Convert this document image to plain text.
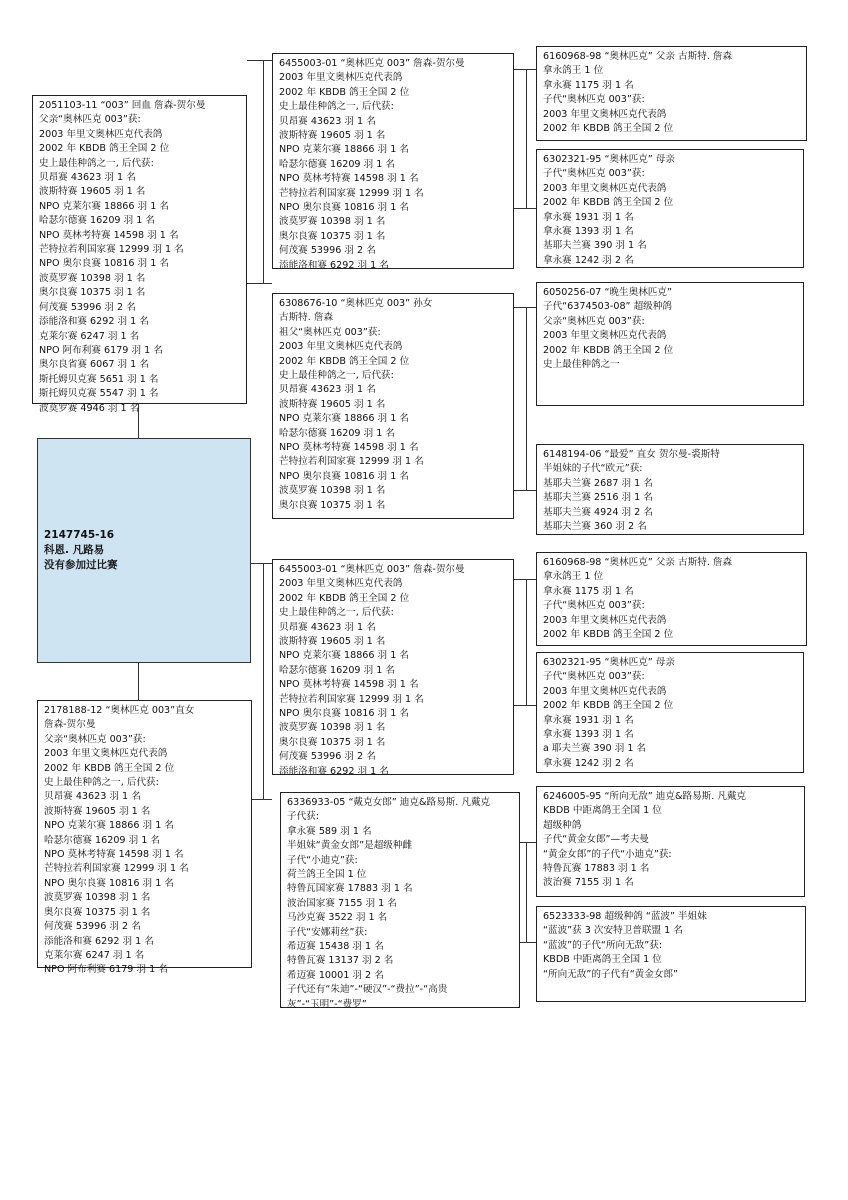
2147745-16
科恩. 凡路易
没有参加过比赛
2051103-11 “003” 回血 詹森-贺尔曼
父亲“奥林匹克 003”获:
2003 年里文奥林匹克代表鸽
2002 年 KBDB 鸽王全国 2 位
史上最佳种鸽之一, 后代获:
贝昂赛 43623 羽 1 名
波斯特赛 19605 羽 1 名
NPO 克莱尔赛 18866 羽 1 名
哈瑟尔德赛 16209 羽 1 名
NPO 莫林考特赛 14598 羽 1 名
芒特拉若利国家赛 12999 羽 1 名
NPO 奥尔良赛 10816 羽 1 名
波莫罗赛 10398 羽 1 名
奥尔良赛 10375 羽 1 名
何茂赛 53996 羽 2 名
添能洛和赛 6292 羽 1 名
克莱尔赛 6247 羽 1 名
NPO 阿布利赛 6179 羽 1 名
奥尔良省赛 6067 羽 1 名
斯托姆贝克赛 5651 羽 1 名
斯托姆贝克赛 5547 羽 1 名
波莫罗赛 4946 羽 1 名
2178188-12 “奥林匹克 003”直女
詹森-贺尔曼
父亲“奥林匹克 003”获:
2003 年里文奥林匹克代表鸽
2002 年 KBDB 鸽王全国 2 位
史上最佳种鸽之一, 后代获:
贝昂赛 43623 羽 1 名
波斯特赛 19605 羽 1 名
NPO 克莱尔赛 18866 羽 1 名
哈瑟尔德赛 16209 羽 1 名
NPO 莫林考特赛 14598 羽 1 名
芒特拉若利国家赛 12999 羽 1 名
NPO 奥尔良赛 10816 羽 1 名
波莫罗赛 10398 羽 1 名
奥尔良赛 10375 羽 1 名
何茂赛 53996 羽 2 名
添能洛和赛 6292 羽 1 名
克莱尔赛 6247 羽 1 名
NPO 阿布利赛 6179 羽 1 名
6455003-01 “奥林匹克 003” 詹森-贺尔曼
2003 年里文奥林匹克代表鸽
2002 年 KBDB 鸽王全国 2 位
史上最佳种鸽之一, 后代获:
贝昂赛 43623 羽 1 名
波斯特赛 19605 羽 1 名
NPO 克莱尔赛 18866 羽 1 名
哈瑟尔德赛 16209 羽 1 名
NPO 莫林考特赛 14598 羽 1 名
芒特拉若利国家赛 12999 羽 1 名
NPO 奥尔良赛 10816 羽 1 名
波莫罗赛 10398 羽 1 名
奥尔良赛 10375 羽 1 名
何茂赛 53996 羽 2 名
添能洛和赛 6292 羽 1 名
6308676-10 “奥林匹克 003” 孙女
古斯特. 詹森
祖父“奥林匹克 003”获:
2003 年里文奥林匹克代表鸽
2002 年 KBDB 鸽王全国 2 位
史上最佳种鸽之一, 后代获:
贝昂赛 43623 羽 1 名
波斯特赛 19605 羽 1 名
NPO 克莱尔赛 18866 羽 1 名
哈瑟尔德赛 16209 羽 1 名
NPO 莫林考特赛 14598 羽 1 名
芒特拉若利国家赛 12999 羽 1 名
NPO 奥尔良赛 10816 羽 1 名
波莫罗赛 10398 羽 1 名
奥尔良赛 10375 羽 1 名
6455003-01 “奥林匹克 003” 詹森-贺尔曼
2003 年里文奥林匹克代表鸽
2002 年 KBDB 鸽王全国 2 位
史上最佳种鸽之一, 后代获:
贝昂赛 43623 羽 1 名
波斯特赛 19605 羽 1 名
NPO 克莱尔赛 18866 羽 1 名
哈瑟尔德赛 16209 羽 1 名
NPO 莫林考特赛 14598 羽 1 名
芒特拉若利国家赛 12999 羽 1 名
NPO 奥尔良赛 10816 羽 1 名
波莫罗赛 10398 羽 1 名
奥尔良赛 10375 羽 1 名
何茂赛 53996 羽 2 名
添能洛和赛 6292 羽 1 名
6336933-05 “戴克女郎” 迪克&路易斯. 凡戴克
子代获:
拿永赛 589 羽 1 名
半姐妹“黄金女郎”是超级种雌
子代“小迪克”获:
荷兰鸽王全国 1 位
特鲁瓦国家赛 17883 羽 1 名
波治国家赛 7155 羽 1 名
马沙克赛 3522 羽 1 名
子代“安娜莉丝”获:
希迈赛 15438 羽 1 名
特鲁瓦赛 13137 羽 2 名
希迈赛 10001 羽 2 名
子代还有“朱迪”-“硬汉”-“费拉”-“高贵
灰”-“玉明”-“费罗”
6160968-98 “奥林匹克” 父亲 古斯特. 詹森
拿永鸽王 1 位
拿永赛 1175 羽 1 名
子代“奥林匹克 003”获:
2003 年里文奥林匹克代表鸽
2002 年 KBDB 鸽王全国 2 位
6302321-95 “奥林匹克” 母亲
子代“奥林匹克 003”获:
2003 年里文奥林匹克代表鸽
2002 年 KBDB 鸽王全国 2 位
拿永赛 1931 羽 1 名
拿永赛 1393 羽 1 名
基耶夫兰赛 390 羽 1 名
拿永赛 1242 羽 2 名
6050256-07 “晚生奥林匹克”
子代“6374503-08” 超级种鸽
父亲“奥林匹克 003”获:
2003 年里文奥林匹克代表鸽
2002 年 KBDB 鸽王全国 2 位
史上最佳种鸽之一
6148194-06 “最爱” 直女 贺尔曼-裘斯特
半姐妹的子代“欧元”获:
基耶夫兰赛 2687 羽 1 名
基耶夫兰赛 2516 羽 1 名
基耶夫兰赛 4924 羽 2 名
基耶夫兰赛 360 羽 2 名
6160968-98 “奥林匹克” 父亲 古斯特. 詹森
拿永鸽王 1 位
拿永赛 1175 羽 1 名
子代“奥林匹克 003”获:
2003 年里文奥林匹克代表鸽
2002 年 KBDB 鸽王全国 2 位
6302321-95 “奥林匹克” 母亲
子代“奥林匹克 003”获:
2003 年里文奥林匹克代表鸽
2002 年 KBDB 鸽王全国 2 位
拿永赛 1931 羽 1 名
拿永赛 1393 羽 1 名
a 耶夫兰赛 390 羽 1 名
拿永赛 1242 羽 2 名
6246005-95 “所向无敌” 迪克&路易斯. 凡戴克
KBDB 中距离鸽王全国 1 位
超级种鸽
子代“黄金女郎”—考夫曼
“黄金女郎”的子代“小迪克”获:
特鲁瓦赛 17883 羽 1 名
波治赛 7155 羽 1 名
6523333-98 超级种鸽 “蓝波” 半姐妹
“蓝波”获 3 次安特卫普联盟 1 名
“蓝波”的子代“所向无敌”获:
KBDB 中距离鸽王全国 1 位
“所向无敌”的子代有“黄金女郎”
